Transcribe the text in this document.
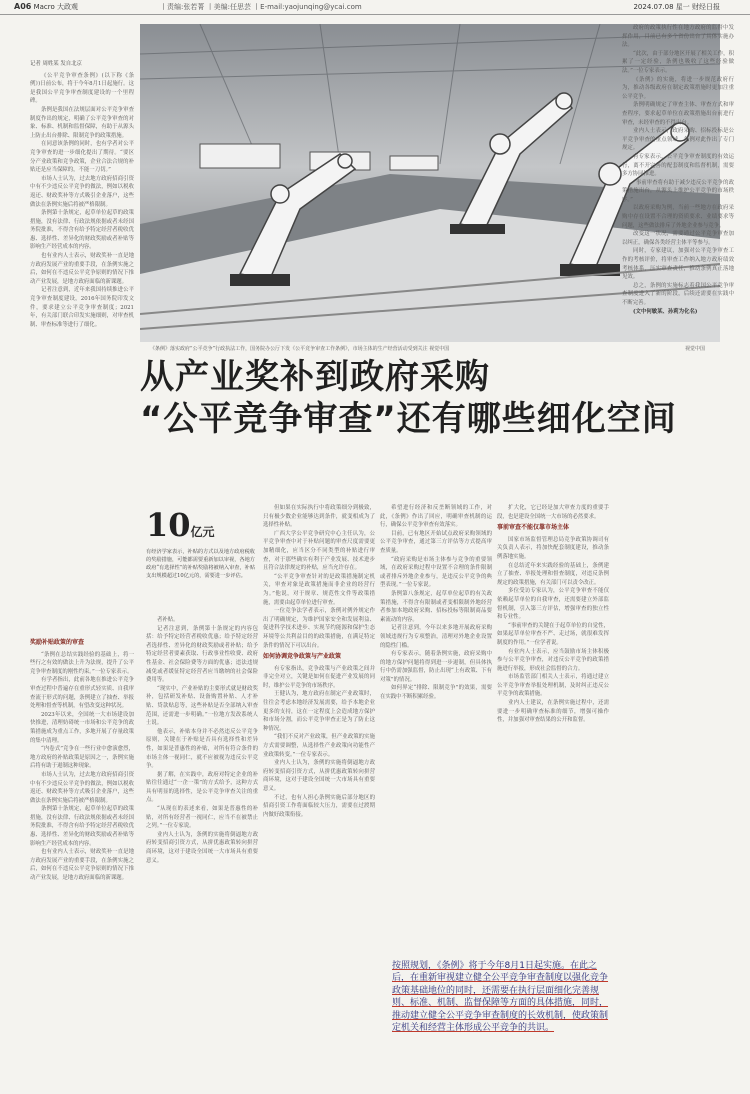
A06 Macro 大政观	丨责编:张若菁 丨美编:任思芸 丨E-mail:yaojunqing@ycai.com	2024.07.08 星一 财经日报
记者 周姓某 发自北京

《公平竞争审查条例》(以下称《条例》)日前公布，将于今年8月1日起施行。这是我国公平竞争审查制度建设的一个里程碑。

条例是我国在法规层面对公平竞争审查制度作出的规定，明确了公平竞争审查的对象、标准、机制和监督保障，有助于从源头上防止出台排除、限制竞争的政策措施。

在同意该条例的同时，也有学者对公平竞争审查的进一步细化提出了期待。“要区分产业政策和竞争政策，企业合法合规的补贴还是应当保障的，不能一刀切。”

市场人士认为，过去地方政府招商引资中有不少违反公平竞争的做法，例如以税收返还、财政奖补等方式吸引企业落户，这些做法在条例实施后将被严格限制。

条例第十条规定，起草单位起草的政策措施，没有法律、行政法规依据或者未经国务院批准，不得含有给予特定经营者税收优惠、选择性、差异化的财政奖励或者补贴等影响生产经营成本的内容。

也有业内人士表示，财政奖补一直是地方政府发展产业的重要手段，在条例实施之后，如何在不违反公平竞争原则的情况下推动产业发展，是地方政府面临的新课题。

记者注意到，近年来我国持续推进公平竞争审查制度建设，2016年国务院印发文件，要求建立公平竞争审查制度；2021年，有关部门联合印发实施细则，对审查机制、审查标准等进行了细化。

奖励补贴政策的审查

“条例在总结实践经验的基础上，将一些行之有效的做法上升为法规，提升了公平竞争审查制度的刚性约束。”一位专家表示。

有学者指出，此前各地在推进公平竞争审查过程中普遍存在重形式轻实质、自我审查流于形式的问题，条例建立了抽查、举报处理和督查等机制，有望改变这种状况。

2023年以来，全国统一大市场建设加快推进，清理妨碍统一市场和公平竞争的政策措施成为重点工作，多地开展了存量政策的集中清理。

“内卷式”竞争在一些行业中愈演愈烈，地方政府的补贴政策是原因之一，条例实施后将有助于遏制这种现象。

市场人士认为，过去地方政府招商引资中有不少违反公平竞争的做法，例如以税收返还、财政奖补等方式吸引企业落户，这些做法在条例实施后将被严格限制。

条例第十条规定，起草单位起草的政策措施，没有法律、行政法规依据或者未经国务院批准，不得含有给予特定经营者税收优惠、选择性、差异化的财政奖励或者补贴等影响生产经营成本的内容。

也有业内人士表示，财政奖补一直是地方政府发展产业的重要手段，在条例实施之后，如何在不违反公平竞争原则的情况下推动产业发展，是地方政府面临的新课题。

《条例》落实政府“公平竞争”行政执法工作，国务院办公厅下发《公平竞争审查工作条例》，市场主体的生产经营活动受到关注 视觉中国	视觉中国
从产业奖补到政府采购
“公平竞争审查”还有哪些细化空间
10亿元
有经济学家表示，补贴的方式以及地方政府税收的奖励措施，可能都需要重新加以审视，各地方政府“有选择性”的补贴奖励将被纳入审查，补贴支出规模超过10亿元的，需要进一步评估。

者补贴。

记者注意到，条例第十条规定的内容包括：给予特定经营者税收优惠；给予特定经营者选择性、差异化的财政奖励或者补贴；给予特定经营者要素获取、行政事业性收费、政府性基金、社会保险费等方面的优惠；违法违规减免或者缓征特定经营者应当缴纳的社会保险费用等。

“现实中，产业补贴的主要形式就是财政奖补，包括研发补贴、设备购置补贴、人才补贴、贷款贴息等，这些补贴是否全部纳入审查范围，还需进一步明确。”一位地方发改系统人士说。

他表示，补贴本身并不必然违反公平竞争原则，关键在于补贴是否具有选择性和差异性，如果是普惠性的补贴，对所有符合条件的市场主体一视同仁，就不应被视为违反公平竞争。

据了解，在实践中，政府对特定企业的补贴往往通过“一企一策”的方式给予，这种方式具有明显的选择性，是公平竞争审查关注的重点。

“从现在的表述来看，如果是普惠性的补贴，对所有经营者一视同仁，应当不在被禁止之列。”一位专家说。

业内人士认为，条例的实施将倒逼地方政府转变招商引资方式，从拼优惠政策转向拼营商环境，这对于建设全国统一大市场具有重要意义。

但如果在实际执行中将政策细分到极致，只有极少数企业能够达到条件，就变相成为了选择性补贴。

广西大学公平竞争研究中心主任认为，公平竞争审查中对于补贴问题的审查尺度需要更加精细化，应当区分不同类型的补贴进行审查，对于那些确实有利于产业发展、技术进步且符合法律规定的补贴，应当允许存在。

“公平竞争审查针对的是政策措施制定机关，审查对象是政策措施而非企业的经营行为。”他说，对于规章、规范性文件等政策措施，需要由起草单位进行审查。

一位竞争法学者表示，条例对例外规定作出了明确规定，为维护国家安全和发展利益、促进科学技术进步、实现节约能源和保护生态环境等公共利益目的的政策措施，在满足特定条件的情况下可以出台。

如何协调竞争政策与产业政策

有专家指出，竞争政策与产业政策之间并非完全对立，关键是如何在促进产业发展的同时，维护公平竞争的市场秩序。

王健认为，地方政府在制定产业政策时，往往会考虑本地经济发展需要，给予本地企业更多的支持，这在一定程度上会造成地方保护和市场分割，而公平竞争审查正是为了防止这种情况。

“我们不反对产业政策，但产业政策的实施方式需要调整，从选择性产业政策向功能性产业政策转变。”一位专家表示。

业内人士认为，条例的实施将倒逼地方政府转变招商引资方式，从拼优惠政策转向拼营商环境，这对于建设全国统一大市场具有重要意义。

不过，也有人担心条例实施后部分地区的招商引资工作将面临较大压力，需要在过渡期内做好政策衔接。

希望进行经济和反垄断领域的工作，对此，《条例》作出了回应，明确审查机制的运行，确保公平竞争审查有效落实。

目前，已有地区开始试点政府采购领域的公平竞争审查，通过第三方评估等方式提高审查质量。

“政府采购是市场主体参与竞争的重要领域，在政府采购过程中设置不合理的条件限制或者排斥外地企业参与，是违反公平竞争的典型表现。”一位专家说。

条例第八条规定，起草单位起草的有关政策措施，不得含有限制或者变相限制外地经营者参加本地政府采购、招标投标等限制商品要素流动的内容。

记者注意到，今年以来多地开展政府采购领域违规行为专项整治，清理对外地企业设置的隐性门槛。

有专家表示，随着条例实施，政府采购中的地方保护问题将得到进一步遏制，但具体执行中仍需加强监督，防止出现“上有政策、下有对策”的情况。

如何界定“排除、限制竞争”的效果，需要在实践中不断积累经验。

扩大化，它已经是加大审查力度的重要手段，也是建设全国统一大市场的必然要求。

事前审查不能仅靠市场主体

国家市场监督管理总局竞争政策协调司有关负责人表示，将加快配套制度建设，推动条例落地实施。

在总结近年来实践经验的基础上，条例建立了抽查、举报处理和督查制度，对违反条例规定的政策措施，有关部门可以责令改正。

多位受访专家认为，公平竞争审查不能仅依赖起草单位的自我审查，还需要建立外部监督机制，引入第三方评估，增强审查的独立性和专业性。

“事前审查的关键在于起草单位的自觉性，如果起草单位审查不严、走过场，就很难发挥制度的作用。”一位学者说。

有业内人士表示，应当鼓励市场主体积极参与公平竞争审查，对违反公平竞争的政策措施进行举报，形成社会监督的合力。

市场监管部门相关人士表示，将通过建立公平竞争审查举报处理机制，及时纠正违反公平竞争的政策措施。

业内人士建议，在条例实施过程中，还需要进一步明确审查标准的细节，增强可操作性，并加强对审查结果的公开和监督。

按照规划，《条例》将于今年8月1日起实施。在此之后，在重新审视建立健全公平竞争审查制度以强化竞争政策基础地位的同时，还需要在执行层面细化完善规则、标准、机制、监督保障等方面的具体措施，同时，推动建立健全公平竞争审查制度的长效机制，使政策制定机关和经营主体形成公平竞争的共识。

政府的政策执行性在地方政府的监督中发挥作用，目前已有多个省份出台了具体实施办法。

“此次，由于部分地区开展了相关工作，积累了一定经验，条例也吸收了这些经验做法。”一位专家表示。

《条例》的实施，将进一步规范政府行为，推动各级政府在制定政策措施时更加注重公平竞争。

条例明确规定了审查主体、审查方式和审查程序，要求起草单位在政策措施出台前进行审查，未经审查的不得出台。

业内人士表示，政府采购、招标投标是公平竞争审查的重点领域，条例对此作出了专门规定。

有专家表示，公平竞争审查制度的有效运行，离不开完善的配套制度和监督机制，需要多方协同推进。

“事前审查将有助于减少违反公平竞争的政策措施出台，从源头上维护公平竞争的市场秩序。”

以政府采购为例，当前一些地方在政府采购中存在设置不合理的资质要求、业绩要求等问题，这些做法排斥了外地企业参与竞争。

改变这一状况，需要通过公平竞争审查加以纠正，确保各类经营主体平等参与。

同时，专家建议，加强对公平竞争审查工作的考核评价，将审查工作纳入地方政府绩效考核体系，压实审查责任，推动条例真正落地见效。

总之，条例的实施标志着我国公平竞争审查制度进入了新的阶段，后续还需要在实践中不断完善。

(文中何敏某、孙莉为化名)
